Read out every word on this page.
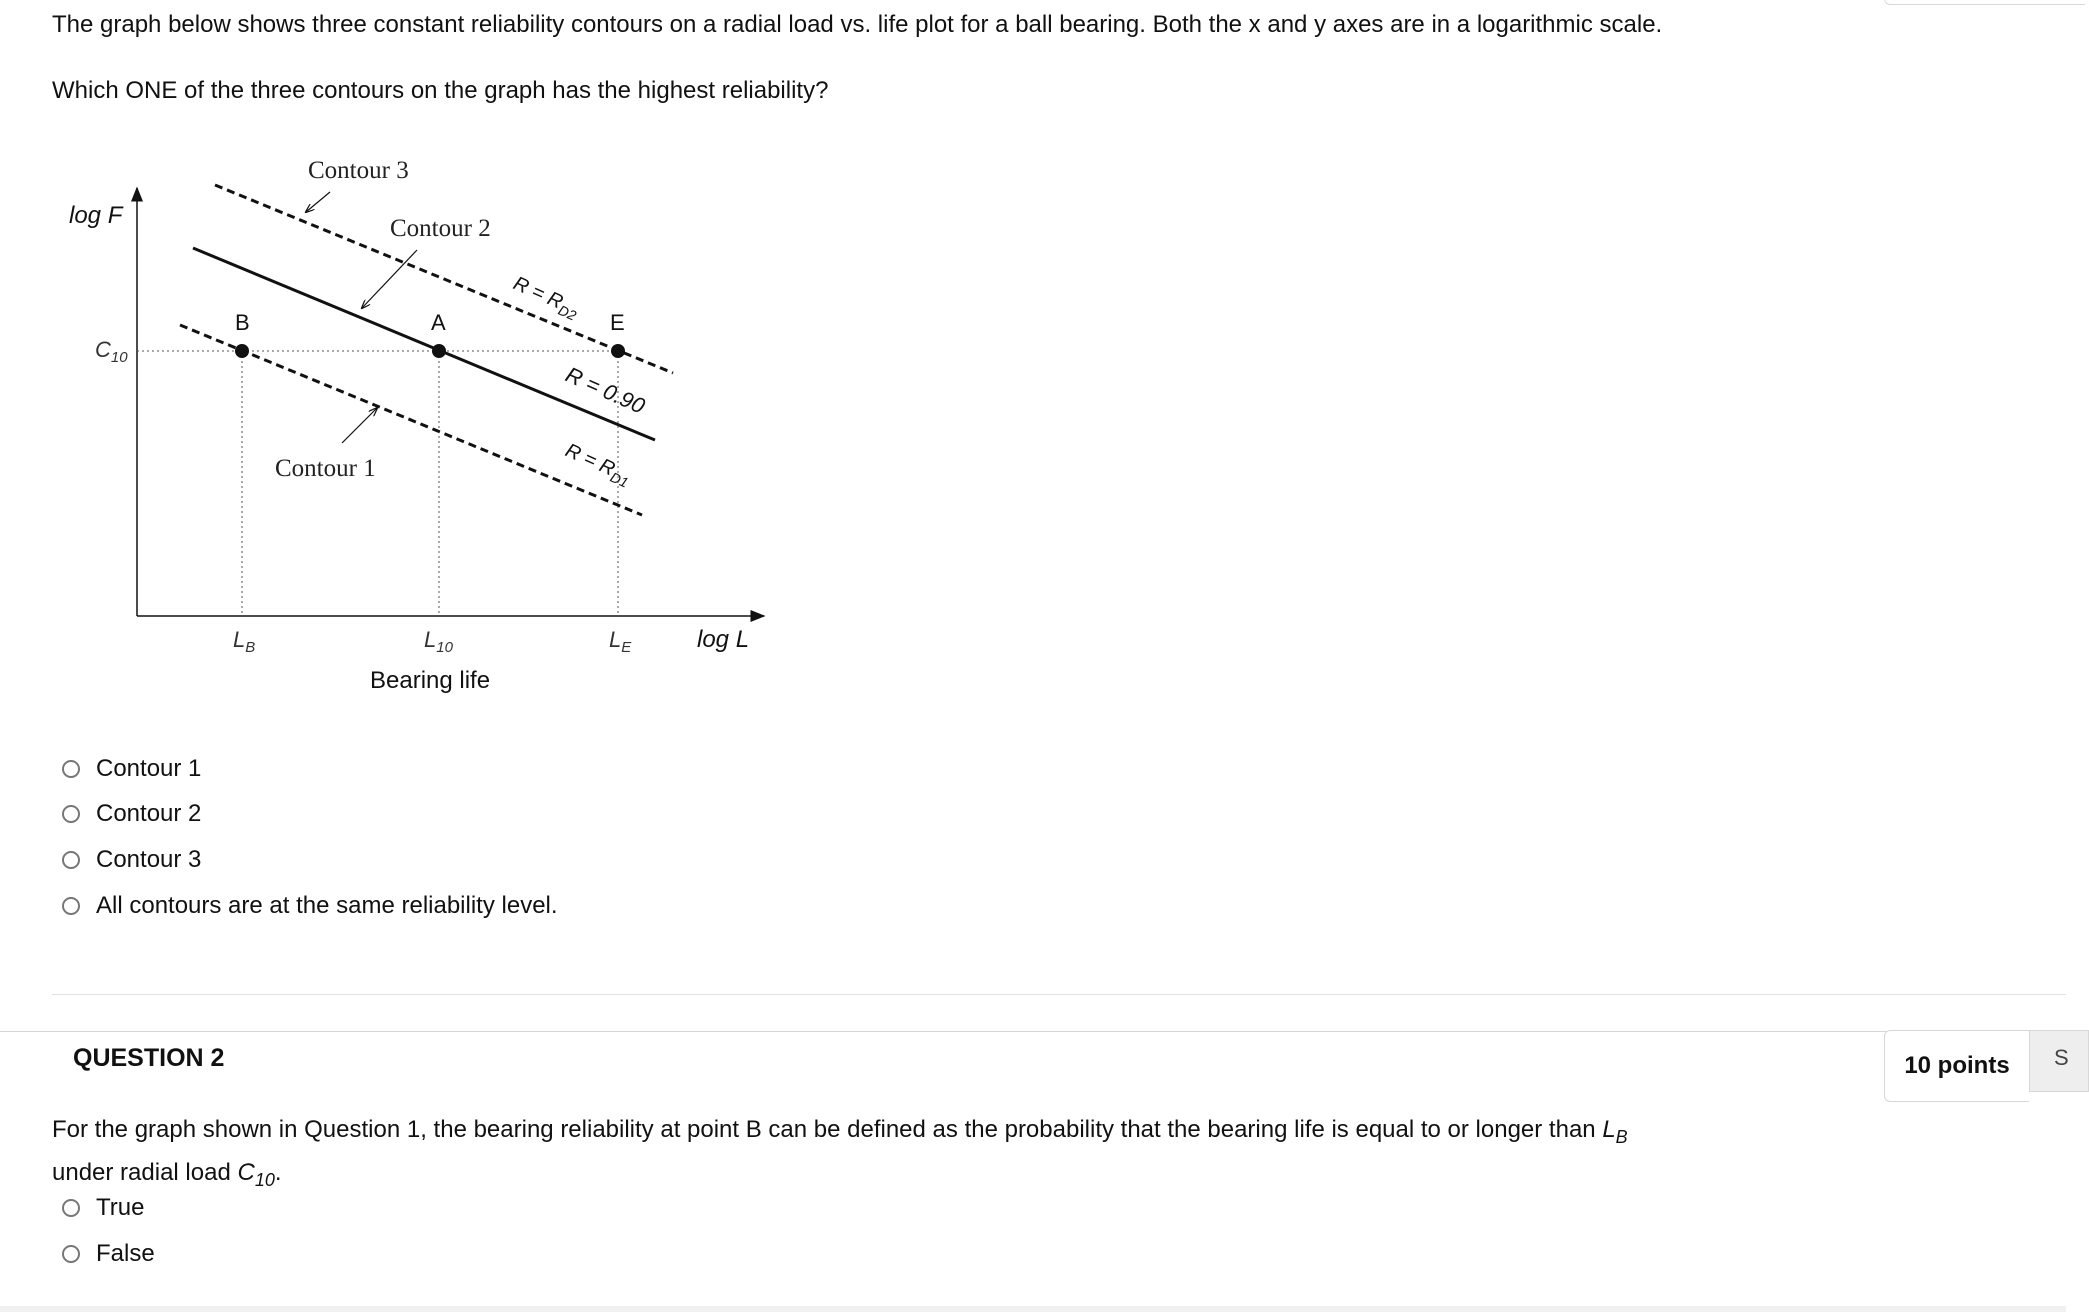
The graph below shows three constant reliability contours on a radial load vs. life plot for a ball bearing. Both the x and y axes are in a logarithmic scale.

Which ONE of the three contours on the graph has the highest reliability?

log F
log L
Bearing life
$C_{10}$
$L_B$	$L_{10}$	$L_E$
B	A	E
Contour 3
Contour 2
Contour 1
$R = R_{D2}$
R = 0.90
$R = R_{D1}$
Contour 1
Contour 2
Contour 3
All contours are at the same reliability level.
QUESTION 2	10 points	S

For the graph shown in Question 1, the bearing reliability at point B can be defined as the probability that the bearing life is equal to or longer than $L_B$
under radial load $C_{10}$.

True
False
